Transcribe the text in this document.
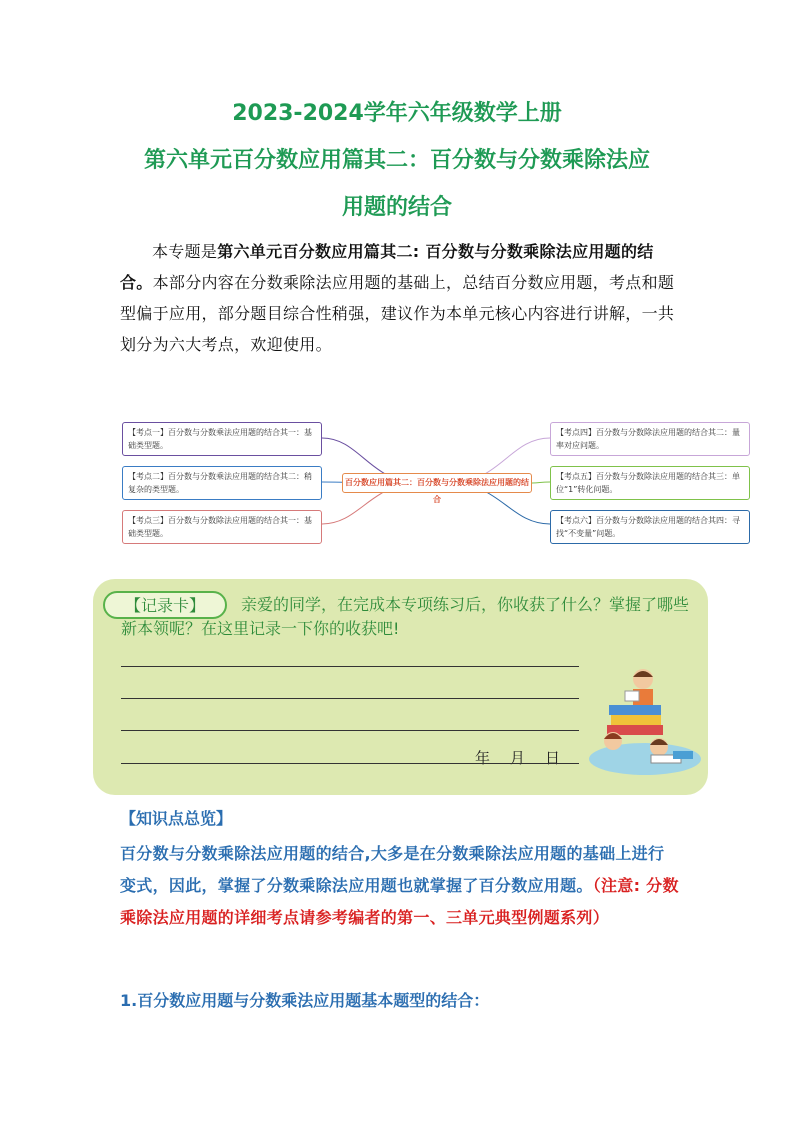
2023-2024学年六年级数学上册
第六单元百分数应用篇其二：百分数与分数乘除法应
用题的结合
本专题是第六单元百分数应用篇其二: 百分数与分数乘除法应用题的结合。本部分内容在分数乘除法应用题的基础上，总结百分数应用题，考点和题型偏于应用，部分题目综合性稍强，建议作为本单元核心内容进行讲解，一共划分为六大考点，欢迎使用。
【考点一】百分数与分数乘法应用题的结合其一：基础类型题。
【考点二】百分数与分数乘法应用题的结合其二：稍复杂的类型题。
【考点三】百分数与分数除法应用题的结合其一：基础类型题。
百分数应用篇其二：百分数与分数乘除法应用题的结合
【考点四】百分数与分数除法应用题的结合其二：量率对应问题。
【考点五】百分数与分数除法应用题的结合其三：单位“1”转化问题。
【考点六】百分数与分数除法应用题的结合其四：寻找“不变量”问题。
亲爱的同学，在完成本专项练习后，你收获了什么？掌握了哪些新本领呢？在这里记录一下你的收获吧!
【记录卡】
年 月 日
【知识点总览】
百分数与分数乘除法应用题的结合,大多是在分数乘除法应用题的基础上进行变式，因此，掌握了分数乘除法应用题也就掌握了百分数应用题。（注意: 分数乘除法应用题的详细考点请参考编者的第一、三单元典型例题系列）
1.百分数应用题与分数乘法应用题基本题型的结合：
